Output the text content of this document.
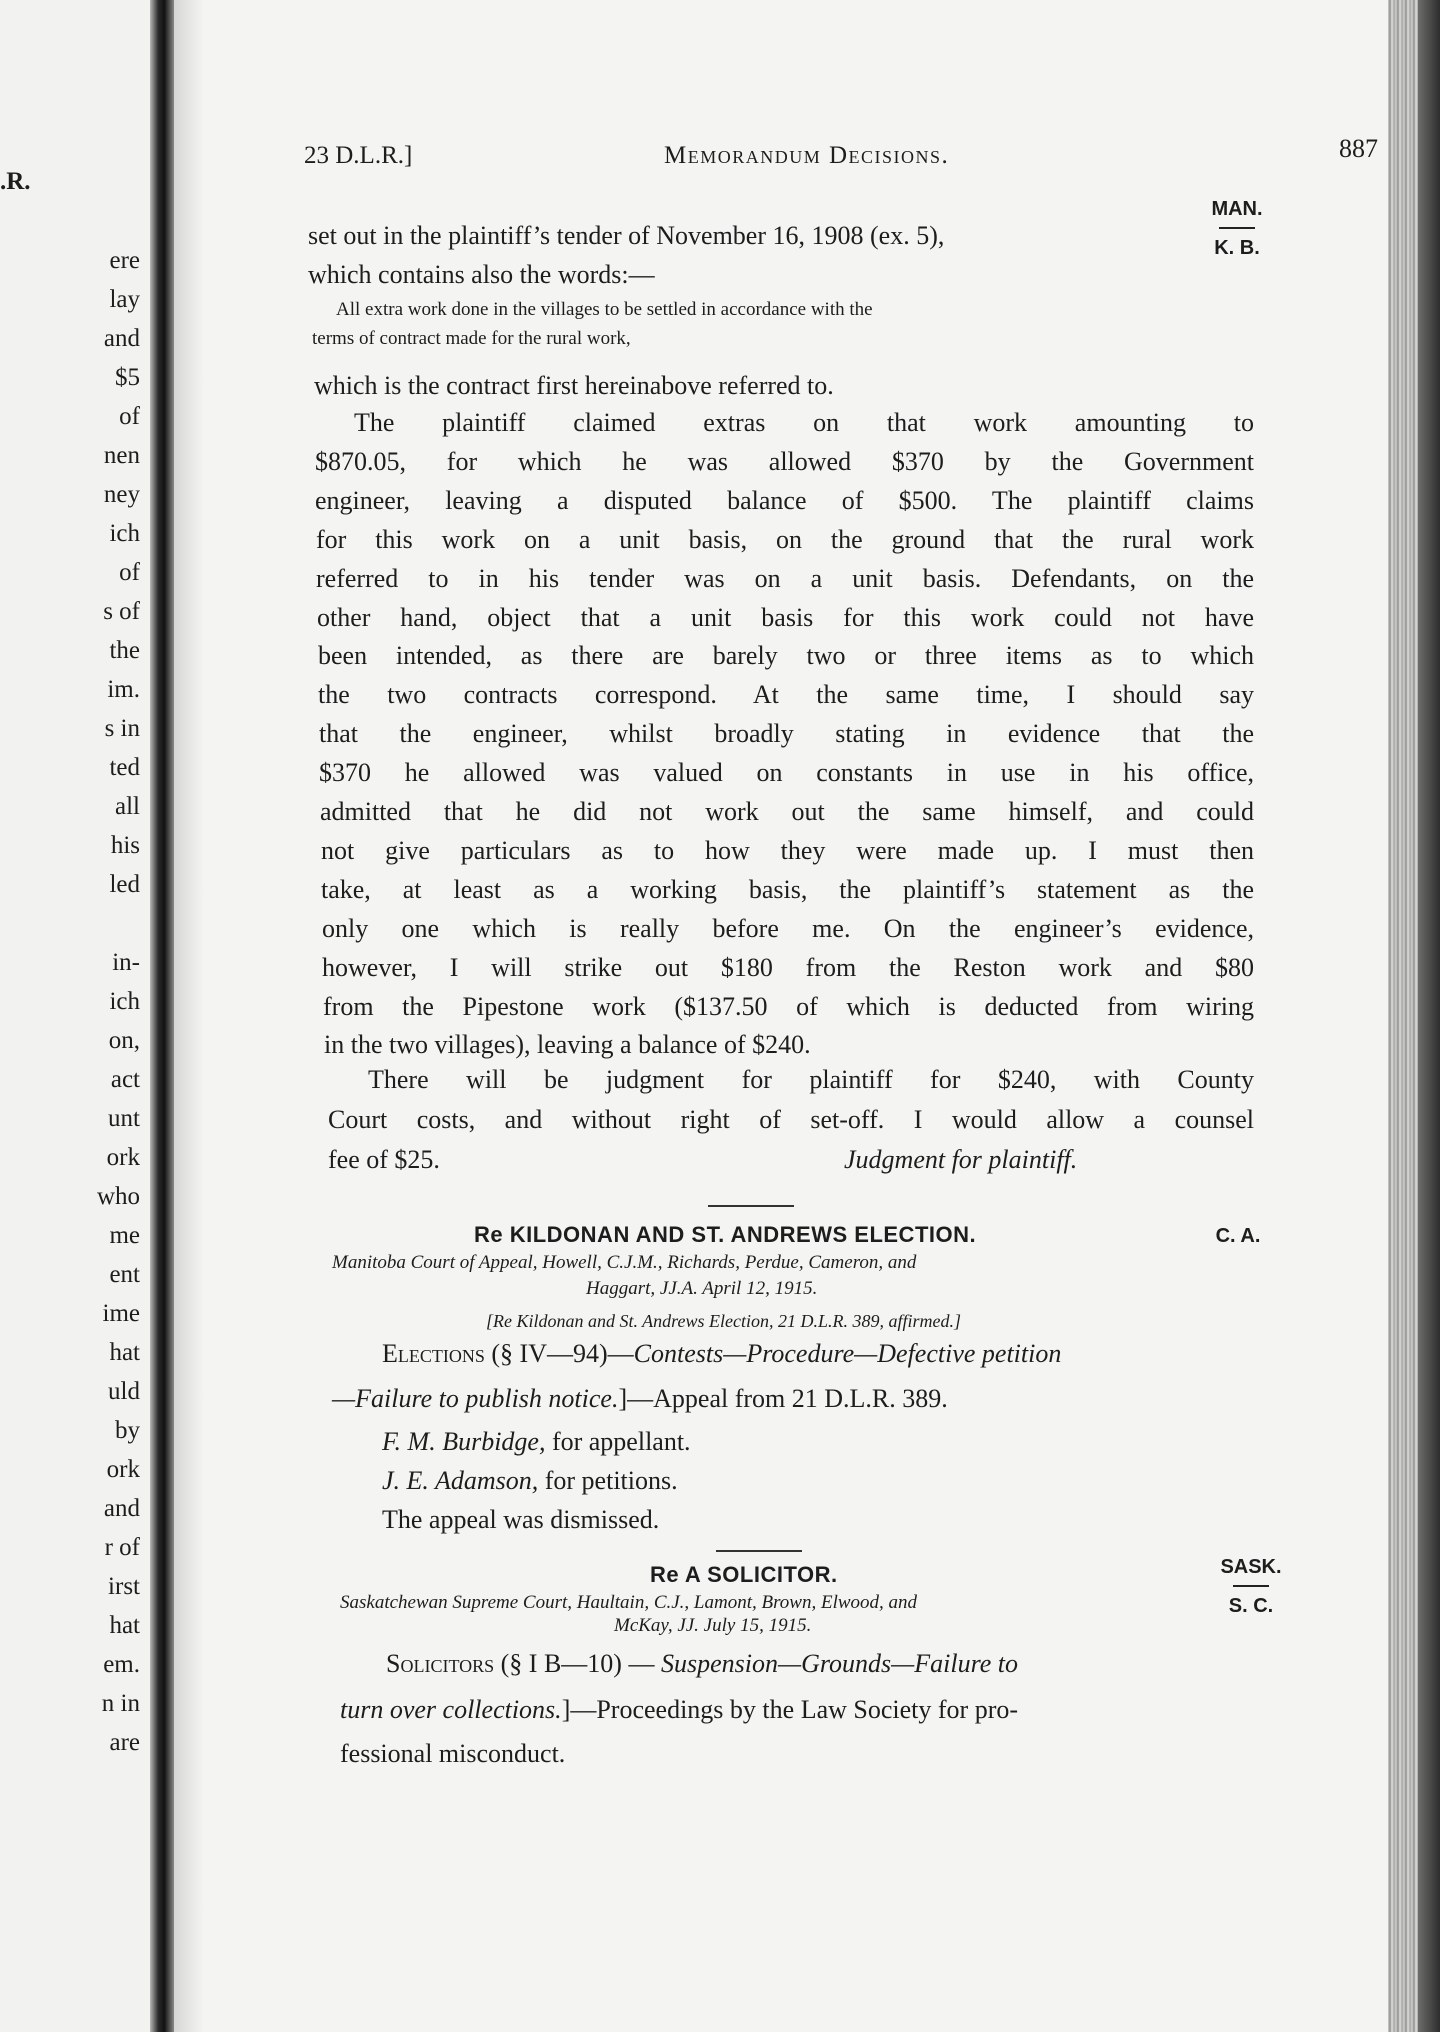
.R.
ere
lay
and
$5
of
nen
ney
ich
of
s of
the
im.
s in
ted
all
his
led
in-
ich
on,
act
unt
ork
who
me
ent
ime
hat
uld
by
ork
and
r of
irst
hat
em.
n in
are
23 D.L.R.]	Memorandum Decisions.	887
MAN.
K. B.
Re KILDONAN AND ST. ANDREWS ELECTION.	C. A.
Manitoba Court of Appeal, Howell, C.J.M., Richards, Perdue, Cameron, and
Haggart, JJ.A. April 12, 1915.
[Re Kildonan and St. Andrews Election, 21 D.L.R. 389, affirmed.]
Elections (§ IV—94)—Contests—Procedure—Defective petition
—Failure to publish notice.]—Appeal from 21 D.L.R. 389.
F. M. Burbidge, for appellant.
J. E. Adamson, for petitions.
The appeal was dismissed.
Re A SOLICITOR.	SASK.
S. C.
Saskatchewan Supreme Court, Haultain, C.J., Lamont, Brown, Elwood, and
McKay, JJ. July 15, 1915.
Solicitors (§ I B—10) — Suspension—Grounds—Failure to
turn over collections.]—Proceedings by the Law Society for pro-
fessional misconduct.
set out in the plaintiff’s tender of November 16, 1908 (ex. 5),
which contains also the words:—
All extra work done in the villages to be settled in accordance with the
terms of contract made for the rural work,
which is the contract first hereinabove referred to.
The plaintiff claimed extras on that work amounting to
$870.05, for which he was allowed $370 by the Government
engineer, leaving a disputed balance of $500. The plaintiff claims
for this work on a unit basis, on the ground that the rural work
referred to in his tender was on a unit basis. Defendants, on the
other hand, object that a unit basis for this work could not have
been intended, as there are barely two or three items as to which
the two contracts correspond. At the same time, I should say
that the engineer, whilst broadly stating in evidence that the
$370 he allowed was valued on constants in use in his office,
admitted that he did not work out the same himself, and could
not give particulars as to how they were made up. I must then
take, at least as a working basis, the plaintiff’s statement as the
only one which is really before me. On the engineer’s evidence,
however, I will strike out $180 from the Reston work and $80
from the Pipestone work ($137.50 of which is deducted from wiring
in the two villages), leaving a balance of $240.
There will be judgment for plaintiff for $240, with County
Court costs, and without right of set-off. I would allow a counsel
fee of $25.	Judgment for plaintiff.
